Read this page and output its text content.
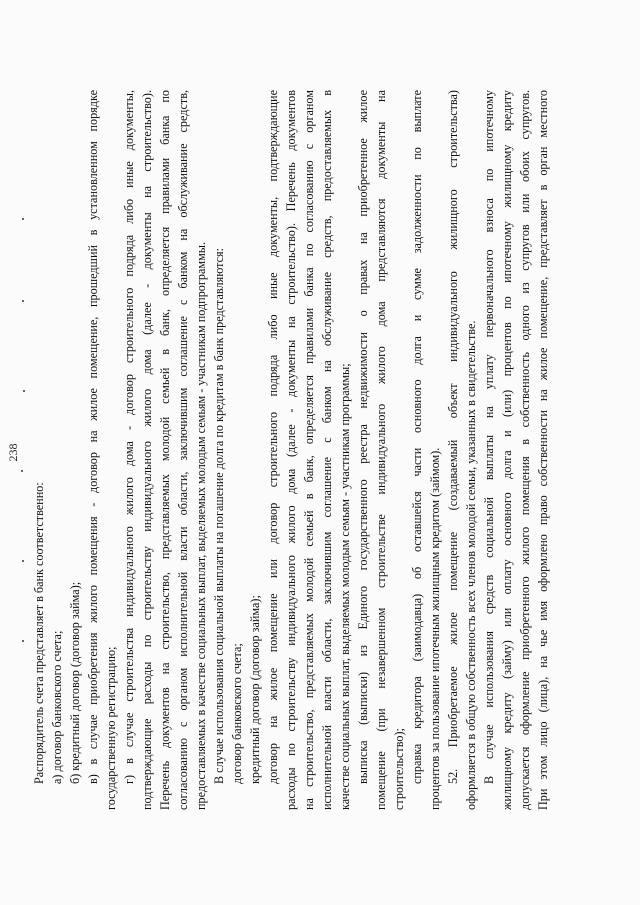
238
Распорядитель счета представляет в банк соответственно: а) договор банковского счета; б) кредитный договор (договор займа); в) в случае приобретения жилого помещения - договор на жилое помещение, прошедший в установленном порядке государственную регистрацию; г) в случае строительства индивидуального жилого дома - договор строительного подряда либо иные документы, подтверждающие расходы по строительству индивидуального жилого дома (далее - документы на строительство). Перечень документов на строительство, представляемых молодой семьей в банк, определяется правилами банка по согласованию с органом исполнительной власти области, заключившим соглашение с банком на обслуживание средств, предоставляемых в качестве социальных выплат, выделяемых молодым семьям - участникам подпрограммы. В случае использования социальной выплаты на погашение долга по кредитам в банк представляются: договор банковского счета; кредитный договор (договор займа); договор на жилое помещение или договор строительного подряда либо иные документы, подтверждающие расходы по строительству индивидуального жилого дома (далее - документы на строительство). Перечень документов на строительство, представляемых молодой семьей в банк, определяется правилами банка по согласованию с органом исполнительной власти области, заключившим соглашение с банком на обслуживание средств, предоставляемых в качестве социальных выплат, выделяемых молодым семьям - участникам программы; выписка (выписки) из Единого государственного реестра недвижимости о правах на приобретенное жилое помещение (при незавершенном строительстве индивидуального жилого дома представляются документы на строительство); справка кредитора (заимодавца) об оставшейся части основного долга и сумме задолженности по выплате процентов за пользование ипотечным жилищным кредитом (займом). 52. Приобретаемое жилое помещение (создаваемый объект индивидуального жилищного строительства) оформляется в общую собственность всех членов молодой семьи, указанных в свидетельстве. В случае использования средств социальной выплаты на уплату первоначального взноса по ипотечному жилищному кредиту (займу) или оплату основного долга и (или) процентов по ипотечному жилищному кредиту допускается оформление приобретенного жилого помещения в собственность одного из супругов или обоих супругов. При этом лицо (лица), на чье имя оформлено право собственности на жилое помещение, представляет в орган местного
